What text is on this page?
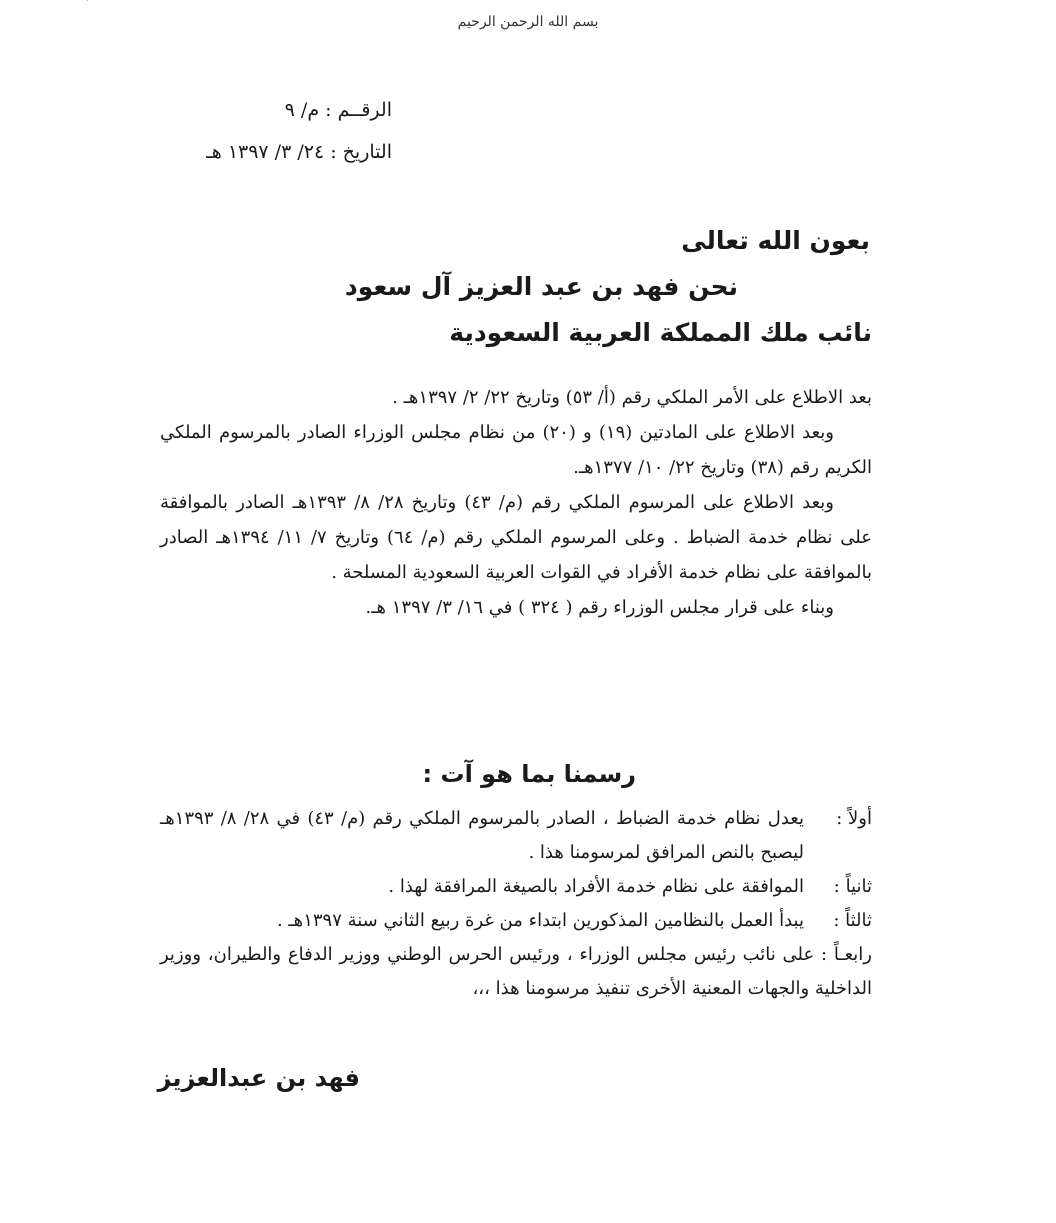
بسم الله الرحمن الرحيم
الرقــم : م/ ٩
التاريخ : ٢٤/ ٣/ ١٣٩٧ هـ
بعون الله تعالى
نحن فهد بن عبد العزيز آل سعود
نائب ملك المملكة العربية السعودية

بعد الاطلاع على الأمر الملكي رقم (أ/ ٥٣) وتاريخ ٢٢/ ٢/ ١٣٩٧هـ .

وبعد الاطلاع على المادتين (١٩) و (٢٠) من نظام مجلس الوزراء الصادر بالمرسوم الملكي الكريم رقم (٣٨) وتاريخ ٢٢/ ١٠/ ١٣٧٧هـ.

وبعد الاطلاع على المرسوم الملكي رقم (م/ ٤٣) وتاريخ ٢٨/ ٨/ ١٣٩٣هـ الصادر بالموافقة على نظام خدمة الضباط . وعلى المرسوم الملكي رقم (م/ ٦٤) وتاريخ ٧/ ١١/ ١٣٩٤هـ الصادر بالموافقة على نظام خدمة الأفراد في القوات العربية السعودية المسلحة .

وبناء على قرار مجلس الوزراء رقم ( ٣٢٤ ) في ١٦/ ٣/ ١٣٩٧ هـ.

رسمنا بما هو آت :
أولاً :
يعدل نظام خدمة الضباط ، الصادر بالمرسوم الملكي رقم (م/ ٤٣) في ٢٨/ ٨/ ١٣٩٣هـ ليصبح بالنص المرافق لمرسومنا هذا .
ثانياً :
الموافقة على نظام خدمة الأفراد بالصيغة المرافقة لهذا .
ثالثاً :
يبدأ العمل بالنظامين المذكورين ابتداء من غرة ربيع الثاني سنة ١٣٩٧هـ .
رابعـاً : على نائب رئيس مجلس الوزراء ، ورئيس الحرس الوطني ووزير الدفاع والطيران، ووزير الداخلية والجهات المعنية الأخرى تنفيذ مرسومنا هذا ،،،
فهد بن عبدالعزيز
